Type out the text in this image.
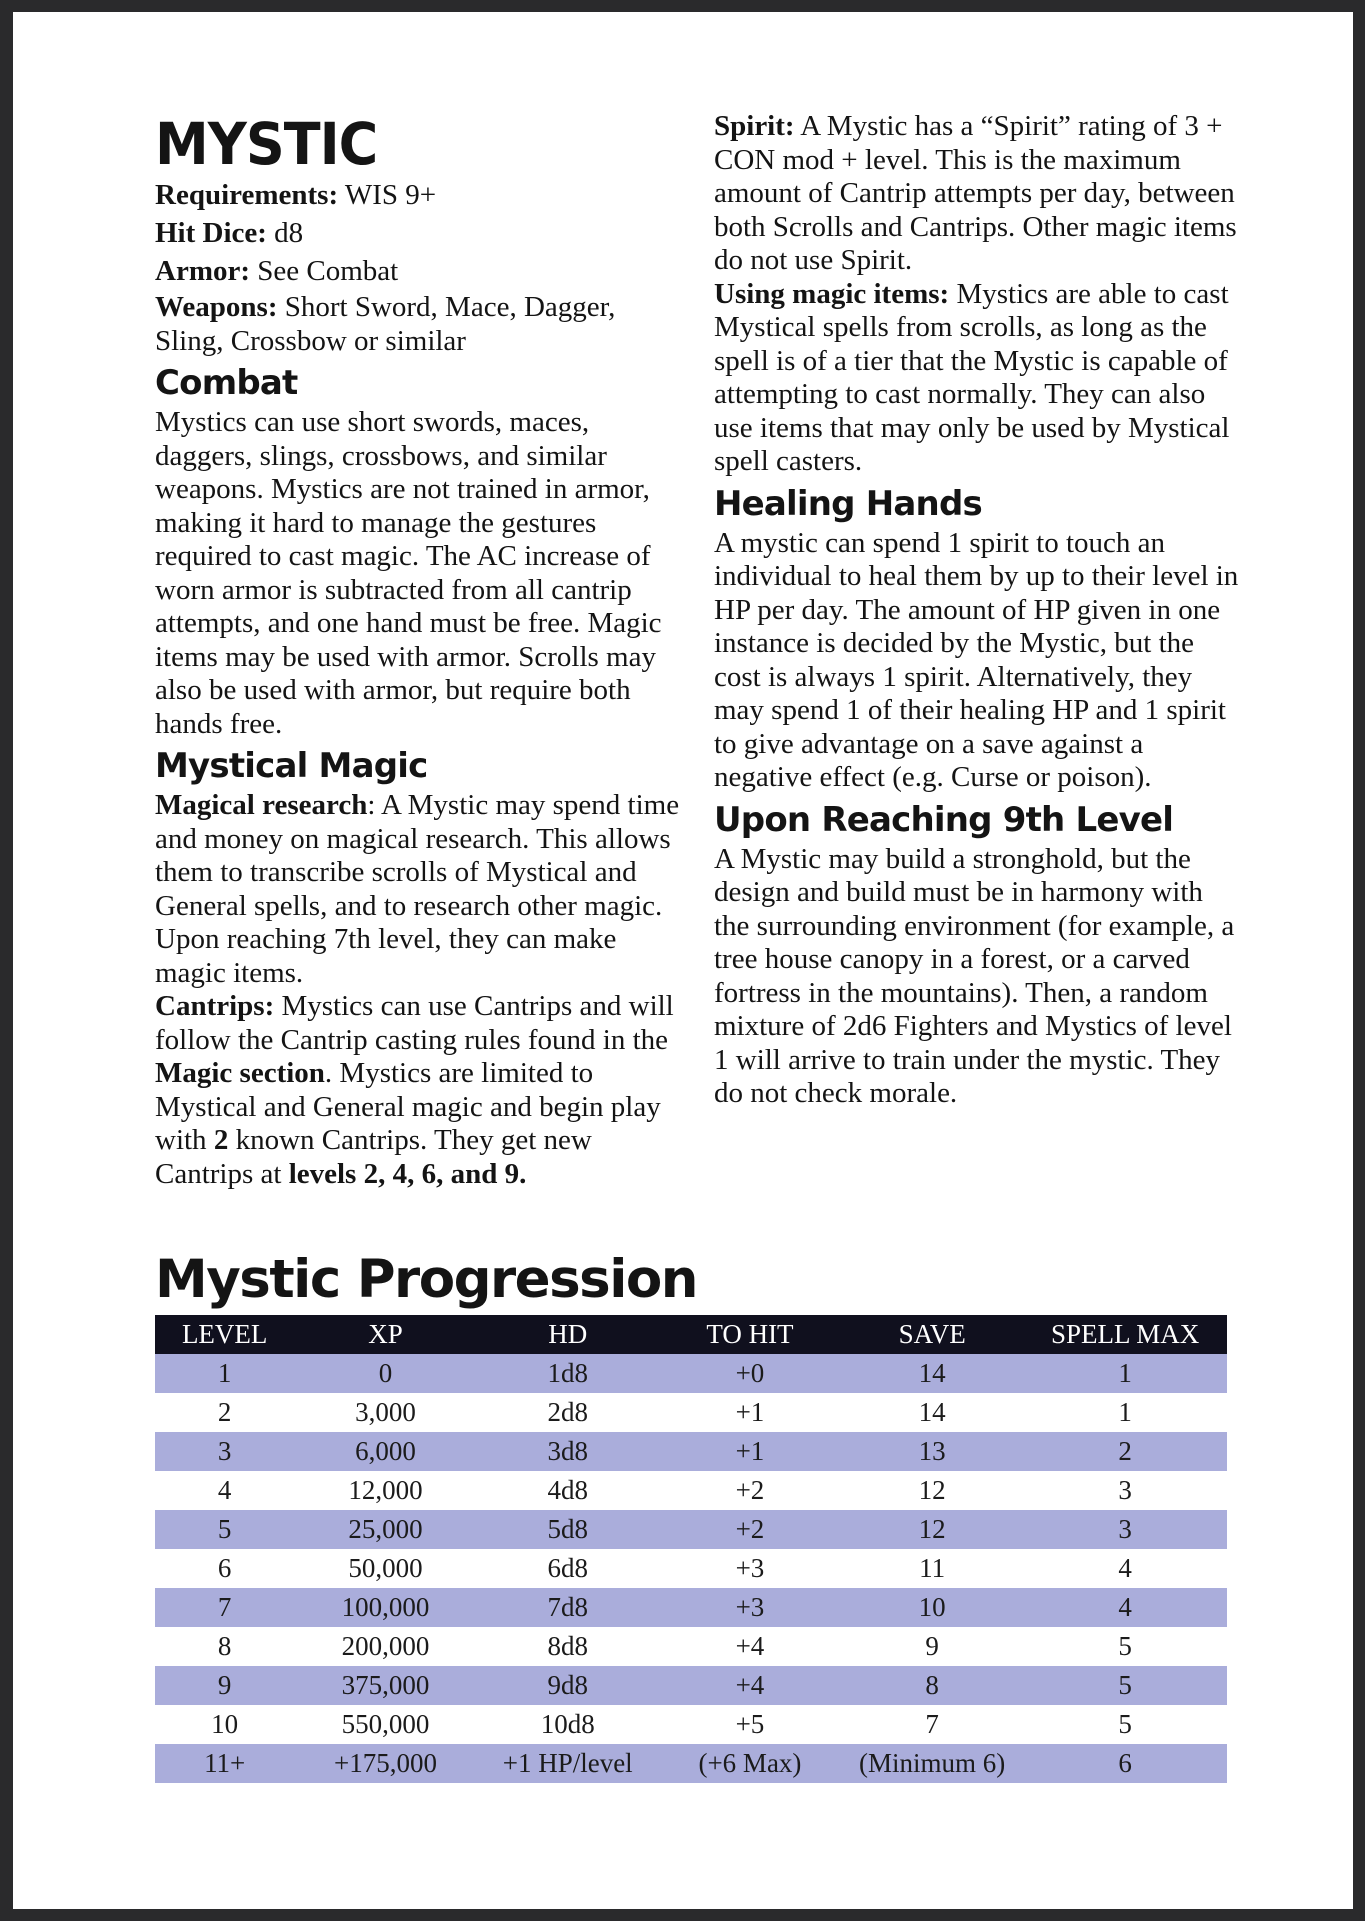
MYSTIC

Requirements: WIS 9+

Hit Dice: d8

Armor: See Combat

Weapons: Short Sword, Mace, Dagger, Sling, Crossbow or similar

Combat

Mystics can use short swords, maces, daggers, slings, crossbows, and similar weapons. Mystics are not trained in armor, making it hard to manage the gestures required to cast magic. The AC increase of worn armor is subtracted from all cantrip attempts, and one hand must be free. Magic items may be used with armor. Scrolls may also be used with armor, but require both hands free.

Mystical Magic

Magical research: A Mystic may spend time and money on magical research. This allows them to transcribe scrolls of Mystical and General spells, and to research other magic. Upon reaching 7th level, they can make magic items.

Cantrips: Mystics can use Cantrips and will follow the Cantrip casting rules found in the Magic section. Mystics are limited to Mystical and General magic and begin play with 2 known Cantrips. They get new Cantrips at levels 2, 4, 6, and 9.

Spirit: A Mystic has a “Spirit” rating of 3 + CON mod + level. This is the maximum amount of Cantrip attempts per day, between both Scrolls and Cantrips. Other magic items do not use Spirit.

Using magic items: Mystics are able to cast Mystical spells from scrolls, as long as the spell is of a tier that the Mystic is capable of attempting to cast normally. They can also use items that may only be used by Mystical spell casters.

Healing Hands

A mystic can spend 1 spirit to touch an individual to heal them by up to their level in HP per day. The amount of HP given in one instance is decided by the Mystic, but the cost is always 1 spirit. Alternatively, they may spend 1 of their healing HP and 1 spirit to give advantage on a save against a negative effect (e.g. Curse or poison).

Upon Reaching 9th Level

A Mystic may build a stronghold, but the design and build must be in harmony with the surrounding environment (for example, a tree house canopy in a forest, or a carved fortress in the mountains). Then, a random mixture of 2d6 Fighters and Mystics of level 1 will arrive to train under the mystic. They do not check morale.

Mystic Progression
LEVEL	XP	HD	TO HIT	SAVE	SPELL MAX
1	0	1d8	+0	14	1
2	3,000	2d8	+1	14	1
3	6,000	3d8	+1	13	2
4	12,000	4d8	+2	12	3
5	25,000	5d8	+2	12	3
6	50,000	6d8	+3	11	4
7	100,000	7d8	+3	10	4
8	200,000	8d8	+4	9	5
9	375,000	9d8	+4	8	5
10	550,000	10d8	+5	7	5
11+	+175,000	+1 HP/level	(+6 Max)	(Minimum 6)	6
